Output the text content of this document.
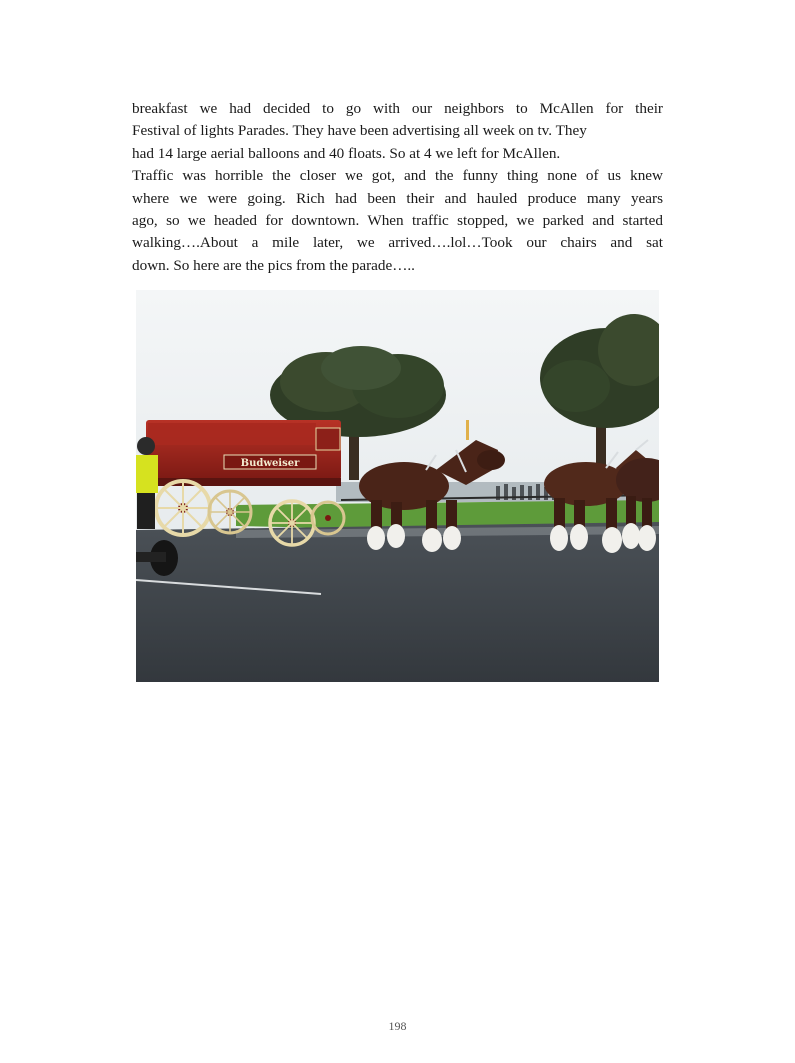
breakfast we had decided to go with our neighbors to McAllen for their
Festival of lights Parades. They have been advertising all week on tv. They
had 14 large aerial balloons and 40 floats. So at 4 we left for McAllen.
Traffic was horrible the closer we got, and the funny thing none of us knew
where we were going. Rich had been their and hauled produce many years
ago, so we headed for downtown. When traffic stopped, we parked and started
walking….About a mile later, we arrived….lol…Took our chairs and sat
down. So here are the pics from the parade…..

Budweiser
198
